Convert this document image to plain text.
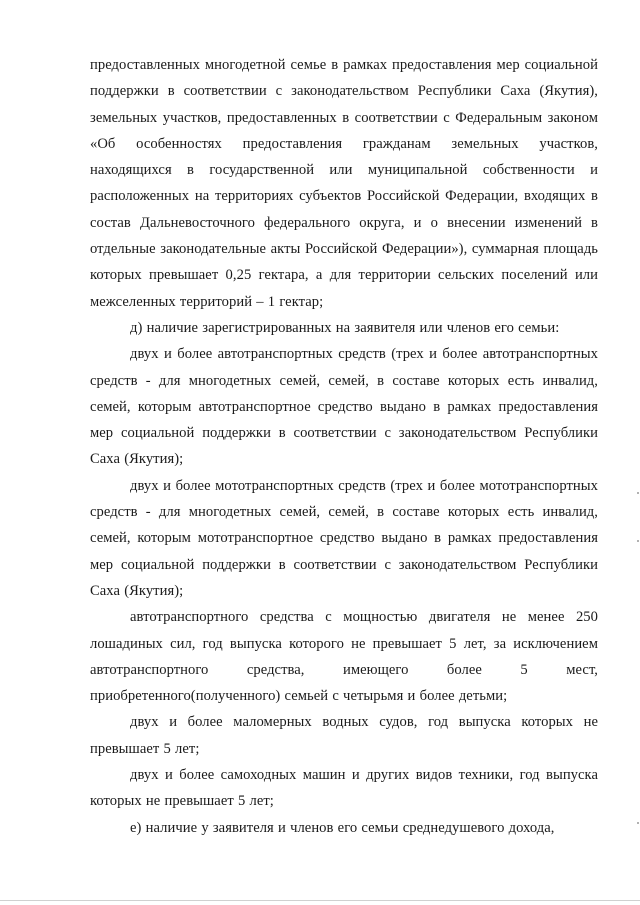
предоставленных многодетной семье в рамках предоставления мер социальной поддержки в соответствии с законодательством Республики Саха (Якутия), земельных участков, предоставленных в соответствии с Федеральным законом «Об особенностях предоставления гражданам земельных участков, находящихся в государственной или муниципальной собственности и расположенных на территориях субъектов Российской Федерации, входящих в состав Дальневосточного федерального округа, и о внесении изменений в отдельные законодательные акты Российской Федерации»), суммарная площадь которых превышает 0,25 гектара, а для территории сельских поселений или межселенных территорий – 1 гектар;

д) наличие зарегистрированных на заявителя или членов его семьи:

двух и более автотранспортных средств (трех и более автотранспортных средств - для многодетных семей, семей, в составе которых есть инвалид, семей, которым автотранспортное средство выдано в рамках предоставления мер социальной поддержки в соответствии с законодательством Республики Саха (Якутия);

двух и более мототранспортных средств (трех и более мототранспортных средств - для многодетных семей, семей, в составе которых есть инвалид, семей, которым мототранспортное средство выдано в рамках предоставления мер социальной поддержки в соответствии с законодательством Республики Саха (Якутия);

автотранспортного средства с мощностью двигателя не менее 250 лошадиных сил, год выпуска которого не превышает 5 лет, за исключением автотранспортного средства, имеющего более 5 мест, приобретенного(полученного) семьей с четырьмя и более детьми;

двух и более маломерных водных судов, год выпуска которых не превышает 5 лет;

двух и более самоходных машин и других видов техники, год выпуска которых не превышает 5 лет;

е) наличие у заявителя и членов его семьи среднедушевого дохода,
